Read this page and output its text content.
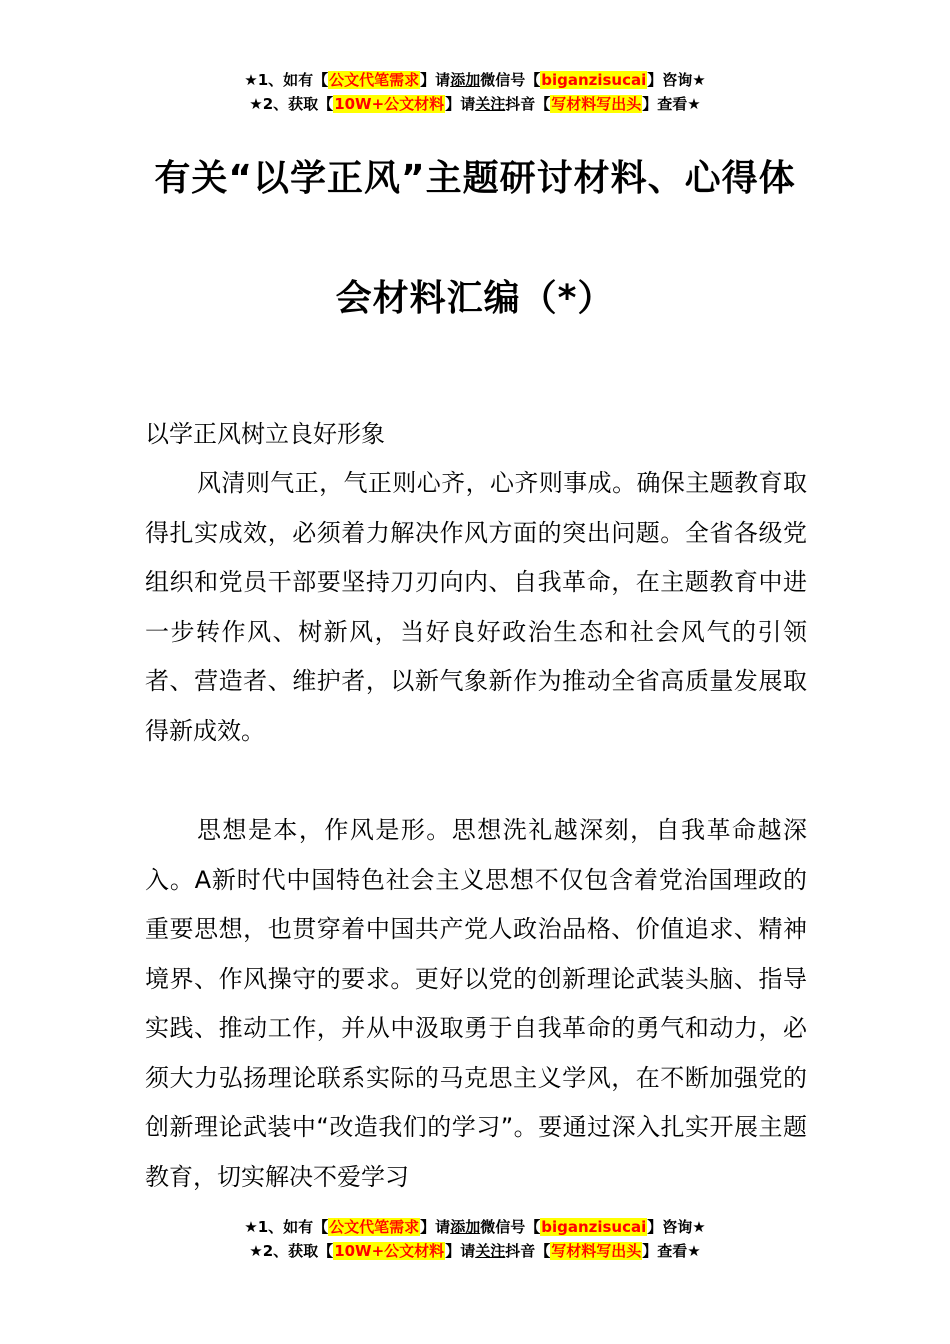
★1、如有【公文代笔需求】请添加微信号【biganzisucai】咨询★
★2、获取【10W+公文材料】请关注抖音【写材料写出头】查看★
有关“以学正风”主题研讨材料、心得体
会材料汇编（*）
以学正风树立良好形象
风清则气正，气正则心齐，心齐则事成。确保主题教育取得扎实成效，必须着力解决作风方面的突出问题。全省各级党组织和党员干部要坚持刀刃向内、自我革命，在主题教育中进一步转作风、树新风，当好良好政治生态和社会风气的引领者、营造者、维护者，以新气象新作为推动全省高质量发展取得新成效。
思想是本，作风是形。思想洗礼越深刻，自我革命越深入。A新时代中国特色社会主义思想不仅包含着党治国理政的重要思想，也贯穿着中国共产党人政治品格、价值追求、精神境界、作风操守的要求。更好以党的创新理论武装头脑、指导实践、推动工作，并从中汲取勇于自我革命的勇气和动力，必须大力弘扬理论联系实际的马克思主义学风，在不断加强党的创新理论武装中“改造我们的学习”。要通过深入扎实开展主题教育，切实解决不爱学习
★1、如有【公文代笔需求】请添加微信号【biganzisucai】咨询★
★2、获取【10W+公文材料】请关注抖音【写材料写出头】查看★
